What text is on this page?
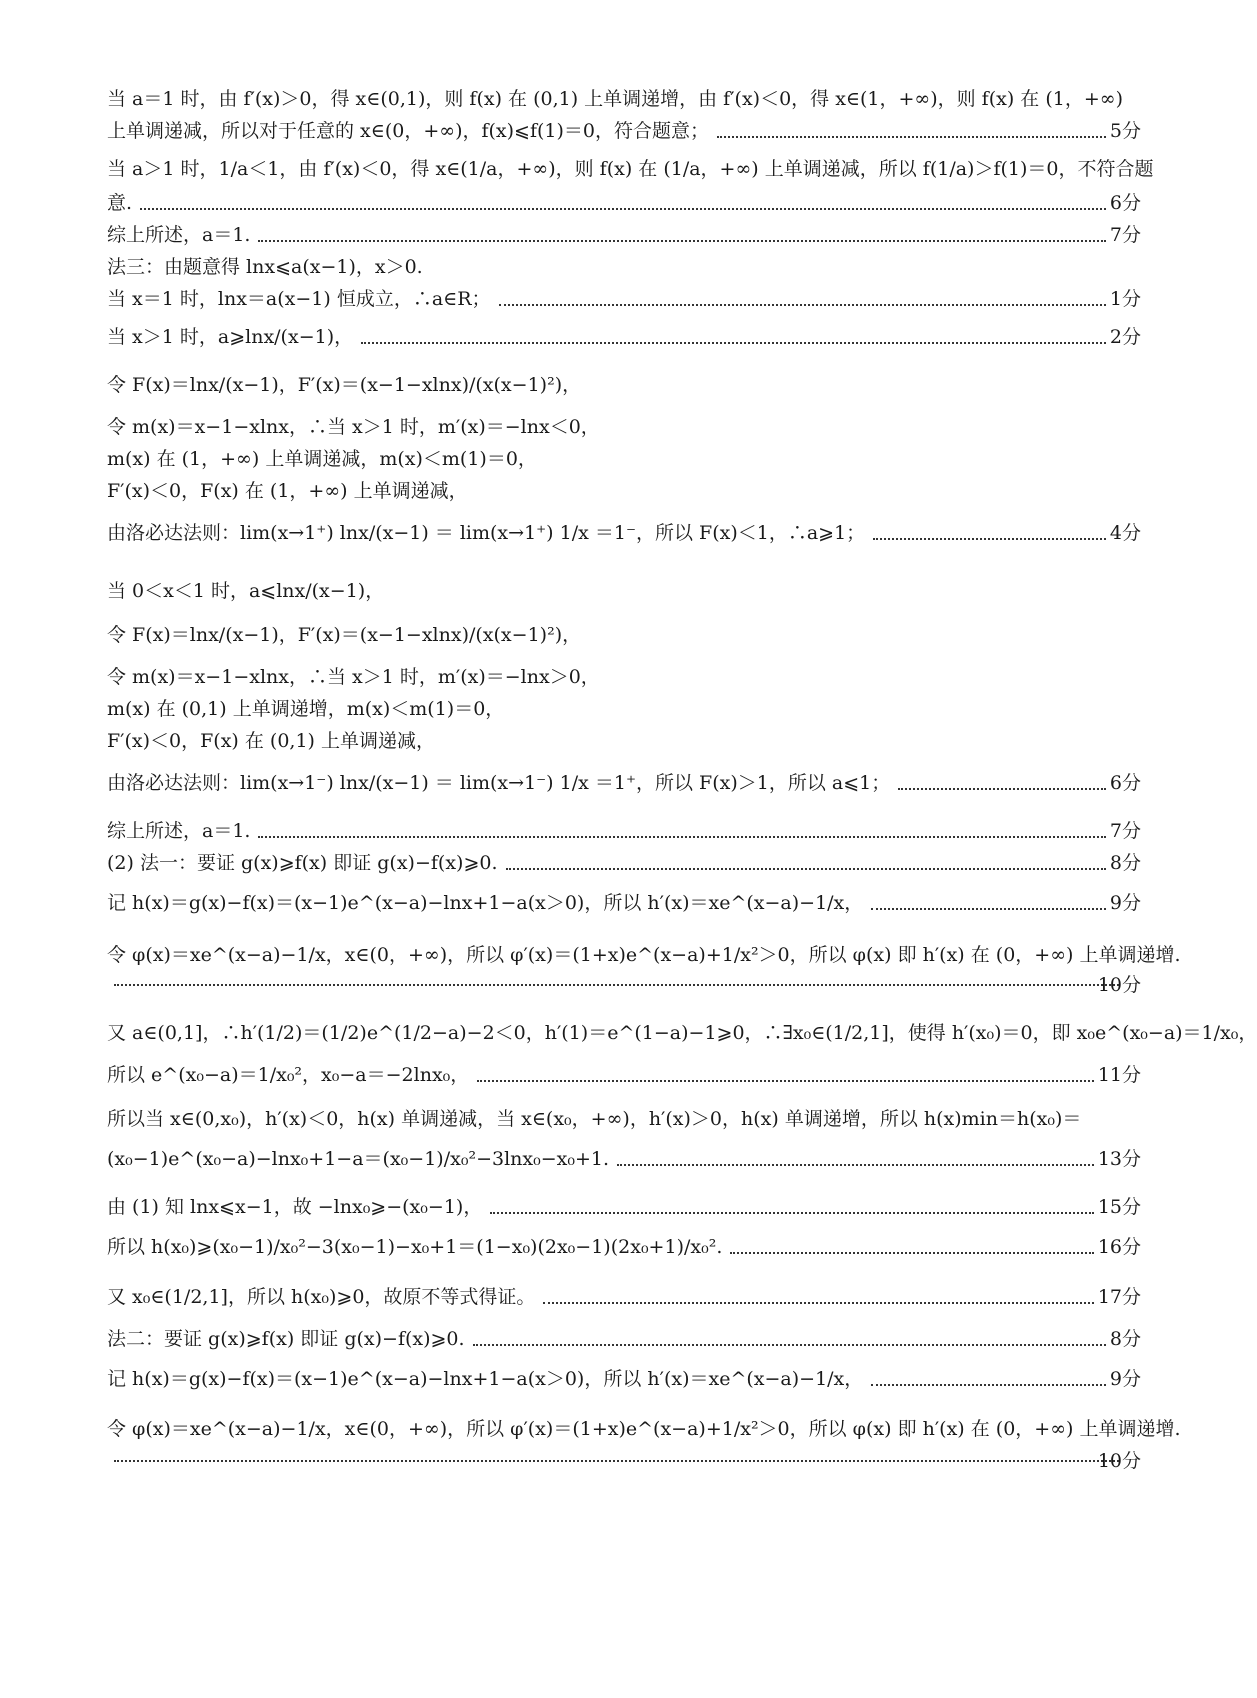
当 a＝1 时，由 f′(x)＞0，得 x∈(0,1)，则 f(x) 在 (0,1) 上单调递增，由 f′(x)＜0，得 x∈(1，+∞)，则 f(x) 在 (1，+∞)
上单调递减，所以对于任意的 x∈(0，+∞)，f(x)⩽f(1)＝0，符合题意；	5分
当 a＞1 时，1/a＜1，由 f′(x)＜0，得 x∈(1/a，+∞)，则 f(x) 在 (1/a，+∞) 上单调递减，所以 f(1/a)＞f(1)＝0，不符合题
意.	6分
综上所述，a＝1.	7分
法三：由题意得 lnx⩽a(x−1)，x＞0.
当 x＝1 时，lnx＝a(x−1) 恒成立，∴a∈R；	1分
当 x＞1 时，a⩾lnx/(x−1)，	2分
令 F(x)＝lnx/(x−1)，F′(x)＝(x−1−xlnx)/(x(x−1)²)，
令 m(x)＝x−1−xlnx，∴当 x＞1 时，m′(x)＝−lnx＜0，
m(x) 在 (1，+∞) 上单调递减，m(x)＜m(1)＝0，
F′(x)＜0，F(x) 在 (1，+∞) 上单调递减，
由洛必达法则：lim(x→1⁺) lnx/(x−1) ＝ lim(x→1⁺) 1/x ＝1⁻，所以 F(x)＜1，∴a⩾1；	4分
当 0＜x＜1 时，a⩽lnx/(x−1)，
令 F(x)＝lnx/(x−1)，F′(x)＝(x−1−xlnx)/(x(x−1)²)，
令 m(x)＝x−1−xlnx，∴当 x＞1 时，m′(x)＝−lnx＞0，
m(x) 在 (0,1) 上单调递增，m(x)＜m(1)＝0，
F′(x)＜0，F(x) 在 (0,1) 上单调递减，
由洛必达法则：lim(x→1⁻) lnx/(x−1) ＝ lim(x→1⁻) 1/x ＝1⁺，所以 F(x)＞1，所以 a⩽1；	6分
综上所述，a＝1.	7分
(2) 法一：要证 g(x)⩾f(x) 即证 g(x)−f(x)⩾0.	8分
记 h(x)＝g(x)−f(x)＝(x−1)e^(x−a)−lnx+1−a(x＞0)，所以 h′(x)＝xe^(x−a)−1/x，	9分
令 φ(x)＝xe^(x−a)−1/x，x∈(0，+∞)，所以 φ′(x)＝(1+x)e^(x−a)+1/x²＞0，所以 φ(x) 即 h′(x) 在 (0，+∞) 上单调递增.
10分
又 a∈(0,1]，∴h′(1/2)＝(1/2)e^(1/2−a)−2＜0，h′(1)＝e^(1−a)−1⩾0，∴∃x₀∈(1/2,1]，使得 h′(x₀)＝0，即 x₀e^(x₀−a)＝1/x₀，
所以 e^(x₀−a)＝1/x₀²，x₀−a＝−2lnx₀，	11分
所以当 x∈(0,x₀)，h′(x)＜0，h(x) 单调递减，当 x∈(x₀，+∞)，h′(x)＞0，h(x) 单调递增，所以 h(x)min＝h(x₀)＝
(x₀−1)e^(x₀−a)−lnx₀+1−a＝(x₀−1)/x₀²−3lnx₀−x₀+1.	13分
由 (1) 知 lnx⩽x−1，故 −lnx₀⩾−(x₀−1)，	15分
所以 h(x₀)⩾(x₀−1)/x₀²−3(x₀−1)−x₀+1＝(1−x₀)(2x₀−1)(2x₀+1)/x₀².	16分
又 x₀∈(1/2,1]，所以 h(x₀)⩾0，故原不等式得证。	17分
法二：要证 g(x)⩾f(x) 即证 g(x)−f(x)⩾0.	8分
记 h(x)＝g(x)−f(x)＝(x−1)e^(x−a)−lnx+1−a(x＞0)，所以 h′(x)＝xe^(x−a)−1/x，	9分
令 φ(x)＝xe^(x−a)−1/x，x∈(0，+∞)，所以 φ′(x)＝(1+x)e^(x−a)+1/x²＞0，所以 φ(x) 即 h′(x) 在 (0，+∞) 上单调递增.
10分
